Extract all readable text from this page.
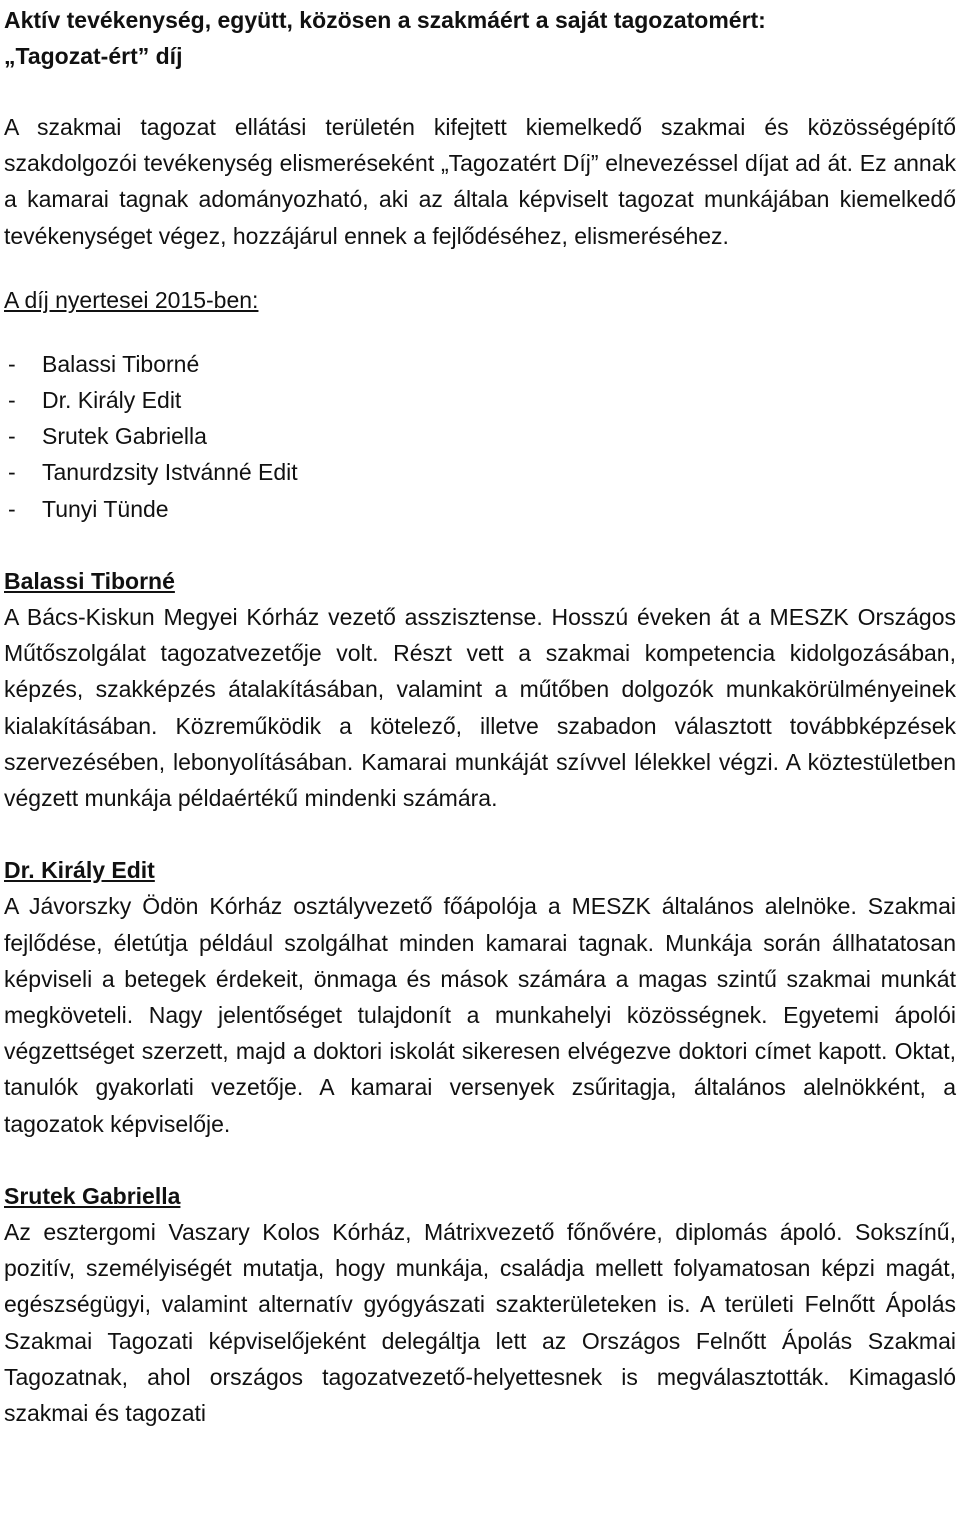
Aktív tevékenység, együtt, közösen a szakmáért a saját tagozatomért:
„Tagozat-ért” díj

A szakmai tagozat ellátási területén kifejtett kiemelkedő szakmai és közösségépítő szakdolgozói tevékenység elismeréseként „Tagozatért Díj” elnevezéssel díjat ad át. Ez annak a kamarai tagnak adományozható, aki az általa képviselt tagozat munkájában kiemelkedő tevékenységet végez, hozzájárul ennek a fejlődéséhez, elismeréséhez.

A díj nyertesei 2015-ben:
- Balassi Tiborné
- Dr. Király Edit
- Srutek Gabriella
- Tanurdzsity Istvánné Edit
- Tunyi Tünde
Balassi Tiborné

A Bács-Kiskun Megyei Kórház vezető asszisztense. Hosszú éveken át a MESZK Országos Műtőszolgálat tagozatvezetője volt. Részt vett a szakmai kompetencia kidolgozásában, képzés, szakképzés átalakításában, valamint a műtőben dolgozók munkakörülményeinek kialakításában. Közreműködik a kötelező, illetve szabadon választott továbbképzések szervezésében, lebonyolításában. Kamarai munkáját szívvel lélekkel végzi. A köztestületben végzett munkája példaértékű mindenki számára.

Dr. Király Edit

A Jávorszky Ödön Kórház osztályvezető főápolója a MESZK általános alelnöke. Szakmai fejlődése, életútja például szolgálhat minden kamarai tagnak. Munkája során állhatatosan képviseli a betegek érdekeit, önmaga és mások számára a magas szintű szakmai munkát megköveteli. Nagy jelentőséget tulajdonít a munkahelyi közösségnek. Egyetemi ápolói végzettséget szerzett, majd a doktori iskolát sikeresen elvégezve doktori címet kapott. Oktat, tanulók gyakorlati vezetője. A kamarai versenyek zsűritagja, általános alelnökként, a tagozatok képviselője.

Srutek Gabriella

Az esztergomi Vaszary Kolos Kórház, Mátrixvezető főnővére, diplomás ápoló. Sokszínű, pozitív, személyiségét mutatja, hogy munkája, családja mellett folyamatosan képzi magát, egészségügyi, valamint alternatív gyógyászati szakterületeken is. A területi Felnőtt Ápolás Szakmai Tagozati képviselőjeként delegáltja lett az Országos Felnőtt Ápolás Szakmai Tagozatnak, ahol országos tagozatvezető-helyettesnek is megválasztották. Kimagasló szakmai és tagozati
